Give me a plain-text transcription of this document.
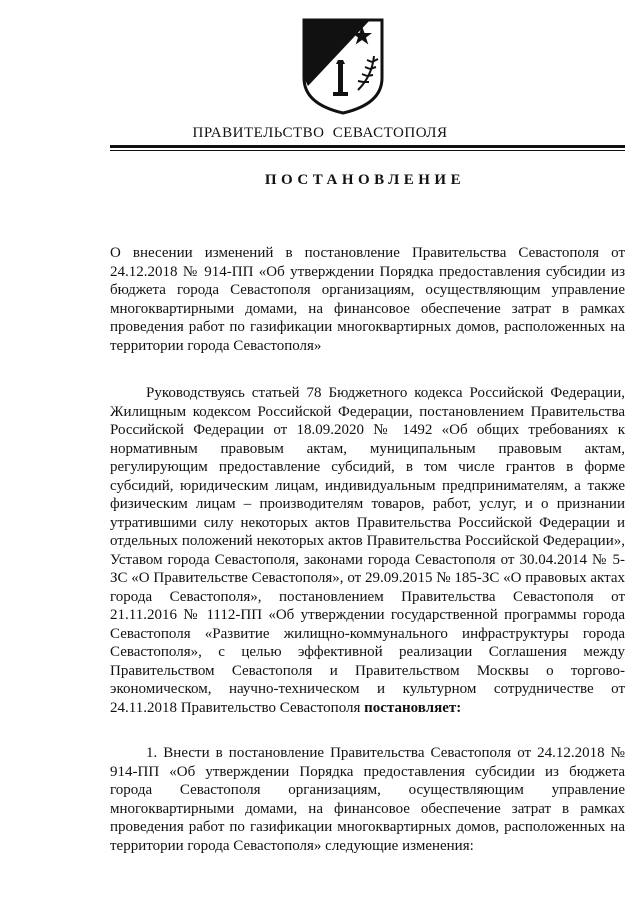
ПРАВИТЕЛЬСТВО СЕВАСТОПОЛЯ
ПОСТАНОВЛЕНИЕ

О внесении изменений в постановление Правительства Севастополя от 24.12.2018 № 914-ПП «Об утверждении Порядка предоставления субсидии из бюджета города Севастополя организациям, осуществляющим управление многоквартирными домами, на финансовое обеспечение затрат в рамках проведения работ по газификации многоквартирных домов, расположенных на территории города Севастополя»

Руководствуясь статьей 78 Бюджетного кодекса Российской Федерации, Жилищным кодексом Российской Федерации, постановлением Правительства Российской Федерации от 18.09.2020 № 1492 «Об общих требованиях к нормативным правовым актам, муниципальным правовым актам, регулирующим предоставление субсидий, в том числе грантов в форме субсидий, юридическим лицам, индивидуальным предпринимателям, а также физическим лицам – производителям товаров, работ, услуг, и о признании утратившими силу некоторых актов Правительства Российской Федерации и отдельных положений некоторых актов Правительства Российской Федерации», Уставом города Севастополя, законами города Севастополя от 30.04.2014 № 5-ЗС «О Правительстве Севастополя», от 29.09.2015 № 185-ЗС «О правовых актах города Севастополя», постановлением Правительства Севастополя от 21.11.2016 № 1112-ПП «Об утверждении государственной программы города Севастополя «Развитие жилищно-коммунального инфраструктуры города Севастополя», с целью эффективной реализации Соглашения между Правительством Севастополя и Правительством Москвы о торгово-экономическом, научно-техническом и культурном сотрудничестве от 24.11.2018 Правительство Севастополя постановляет:

1. Внести в постановление Правительства Севастополя от 24.12.2018 № 914-ПП «Об утверждении Порядка предоставления субсидии из бюджета города Севастополя организациям, осуществляющим управление многоквартирными домами, на финансовое обеспечение затрат в рамках проведения работ по газификации многоквартирных домов, расположенных на территории города Севастополя» следующие изменения:
